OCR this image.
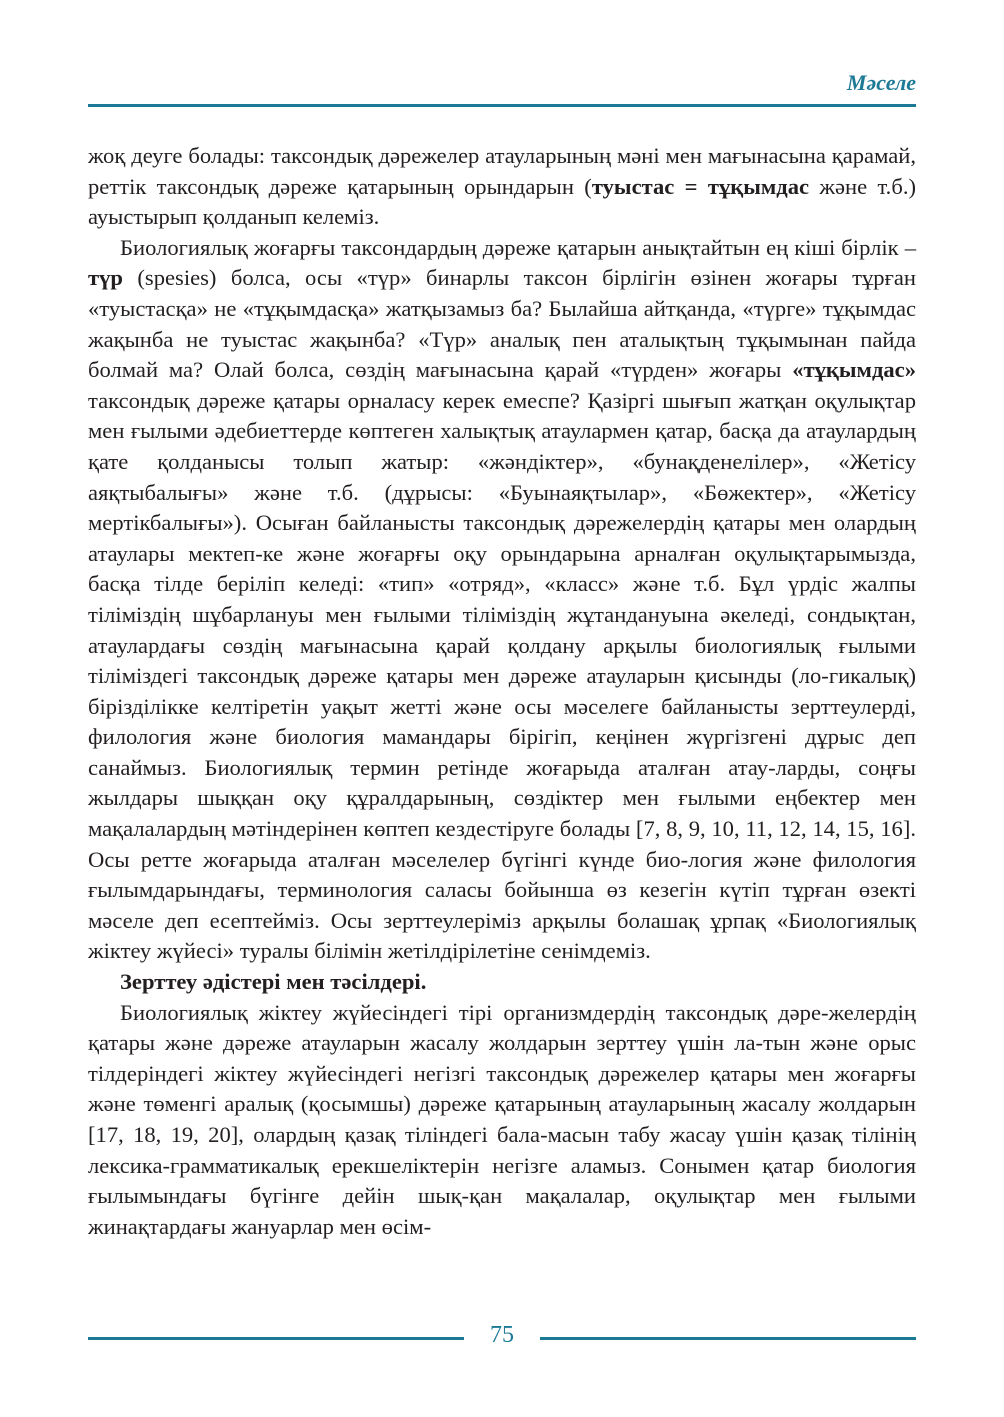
Мәселе

жоқ деуге болады: таксондық дәрежелер атауларының мәні мен мағынасына қарамай, реттік таксондық дәреже қатарының орындарын (туыстас = тұқымдас және т.б.) ауыстырып қолданып келеміз.

Биологиялық жоғарғы таксондардың дәреже қатарын анықтайтын ең кіші бірлік – түр (spesies) болса, осы «түр» бинарлы таксон бірлігін өзінен жоғары тұрған «туыстасқа» не «тұқымдасқа» жатқызамыз ба? Былайша айтқанда, «түрге» тұқымдас жақынба не туыстас жақынба? «Түр» аналық пен аталықтың тұқымынан пайда болмай ма? Олай болса, сөздің мағынасына қарай «түрден» жоғары «тұқымдас» таксондық дәреже қатары орналасу керек емеспе? Қазіргі шығып жатқан оқулықтар мен ғылыми әдебиеттерде көптеген халықтық атаулармен қатар, басқа да атаулардың қате қолданысы толып жатыр: «жәндіктер», «бунақденелілер», «Жетісу аяқтыбалығы» және т.б. (дұрысы: «Буынаяқтылар», «Бөжектер», «Жетісу мертікбалығы»). Осыған байланысты таксондық дәрежелердің қатары мен олардың атаулары мектеп-ке және жоғарғы оқу орындарына арналған оқулықтарымызда, басқа тілде беріліп келеді: «тип» «отряд», «класс» және т.б. Бұл үрдіс жалпы тіліміздің шұбарлануы мен ғылыми тіліміздің жұтандануына әкеледі, сондықтан, атаулардағы сөздің мағынасына қарай қолдану арқылы биологиялық ғылыми тіліміздегі таксондық дәреже қатары мен дәреже атауларын қисынды (ло-гикалық) біріздiлікке келтіретін уақыт жетті және осы мәселеге байланысты зерттеулерді, филология және биология мамандары бірігіп, кеңінен жүргізгені дұрыс деп санаймыз. Биологиялық термин ретінде жоғарыда аталған атау-ларды, соңғы жылдары шыққан оқу құралдарының, сөздіктер мен ғылыми еңбектер мен мақалалардың мәтіндерінен көптеп кездестіруге болады [7, 8, 9, 10, 11, 12, 14, 15, 16]. Осы ретте жоғарыда аталған мәселелер бүгінгі күнде био-логия және филология ғылымдарындағы, терминология саласы бойынша өз кезегін күтіп тұрған өзекті мәселе деп есептейміз. Осы зерттеулеріміз арқылы болашақ ұрпақ «Биологиялық жіктеу жүйесі» туралы білімін жетілдірілетіне сенімдеміз.

Зерттеу әдістері мен тәсілдері.

Биологиялық жіктеу жүйесіндегі тірі организмдердің таксондық дәре-желердің қатары және дәреже атауларын жасалу жолдарын зерттеу үшін ла-тын және орыс тілдеріндегі жіктеу жүйесіндегі негізгі таксондық дәрежелер қатары мен жоғарғы және төменгі аралық (қосымшы) дәреже қатарының атауларының жасалу жолдарын [17, 18, 19, 20], олардың қазақ тіліндегі бала-масын табу жасау үшін қазақ тілінің лексика-грамматикалық ерекшеліктерін негізге аламыз. Сонымен қатар биология ғылымындағы бүгінге дейін шық-қан мақалалар, оқулықтар мен ғылыми жинақтардағы жануарлар мен өсім-

75
